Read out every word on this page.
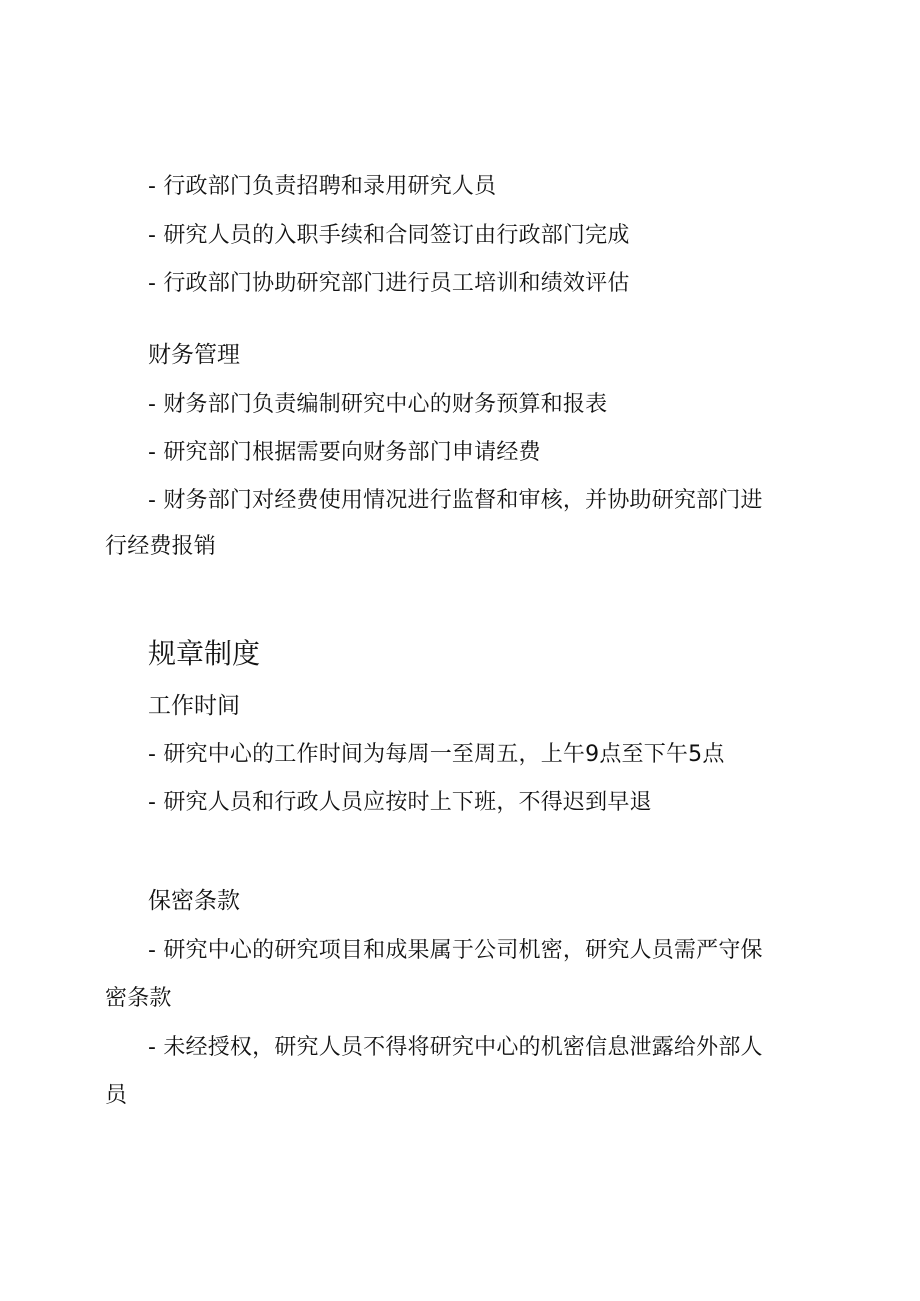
- 行政部门负责招聘和录用研究人员
- 研究人员的入职手续和合同签订由行政部门完成
- 行政部门协助研究部门进行员工培训和绩效评估
财务管理
- 财务部门负责编制研究中心的财务预算和报表
- 研究部门根据需要向财务部门申请经费
- 财务部门对经费使用情况进行监督和审核，并协助研究部门进
行经费报销
规章制度
工作时间
- 研究中心的工作时间为每周一至周五，上午9点至下午5点
- 研究人员和行政人员应按时上下班，不得迟到早退
保密条款
- 研究中心的研究项目和成果属于公司机密，研究人员需严守保
密条款
- 未经授权，研究人员不得将研究中心的机密信息泄露给外部人
员
